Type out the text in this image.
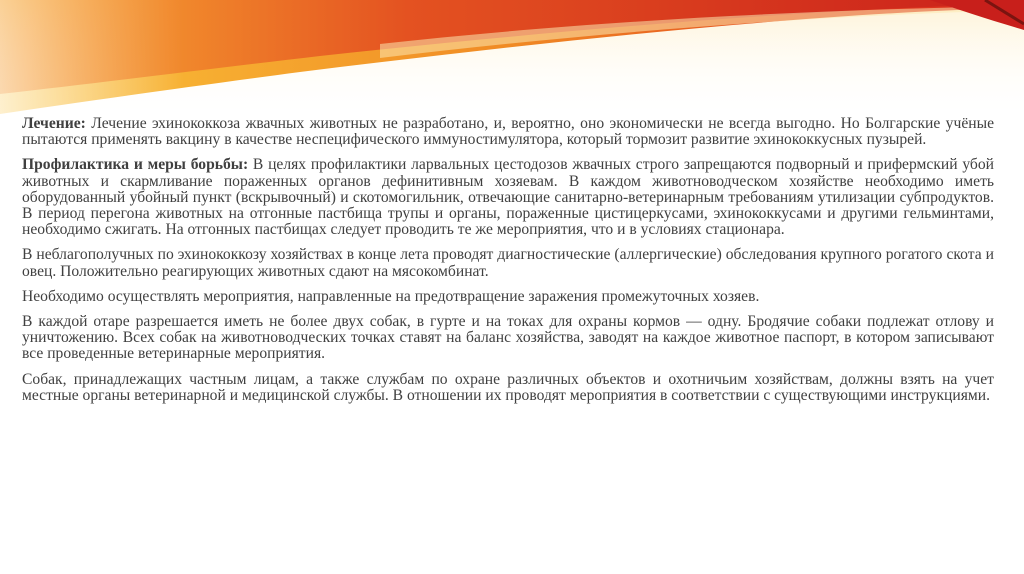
Лечение: Лечение эхинококкоза жвачных животных не разработано, и, вероятно, оно экономически не всегда выгодно. Но Болгарские учёные пытаются применять вакцину в качестве неспецифического иммуностимулятора, который тормозит развитие эхинококкусных пузырей.

Профилактика и меры борьбы: В целях профилактики ларвальных цестодозов жвачных строго запрещаются подворный и прифермский убой животных и скармливание пораженных органов дефинитивным хозяевам. В каждом животноводческом хозяйстве необходимо иметь оборудованный убойный пункт (вскрывочный) и скотомогильник, отвечающие санитарно-ветеринарным требованиям утилизации субпродуктов. В период перегона животных на отгонные пастбища трупы и органы, пораженные цистицеркусами, эхинококкусами и другими гельминтами, необходимо сжигать. На отгонных пастбищах следует проводить те же мероприятия, что и в условиях стационара.

В неблагополучных по эхинококкозу хозяйствах в конце лета проводят диагностические (аллергические) обследования крупного рогатого скота и овец. Положительно реагирующих животных сдают на мясокомбинат.

Необходимо осуществлять мероприятия, направленные на предотвращение заражения промежуточных хозяев.

В каждой отаре разрешается иметь не более двух собак, в гурте и на токах для охраны кормов — одну. Бродячие собаки подлежат отлову и уничтожению. Всех собак на животноводческих точках ставят на баланс хозяйства, заводят на каждое животное паспорт, в котором записывают все проведенные ветеринарные мероприятия.

Собак, принадлежащих частным лицам, а также службам по охране различных объектов и охотничьим хозяйствам, должны взять на учет местные органы ветеринарной и медицинской службы. В отношении их проводят мероприятия в соответствии с существующими инструкциями.
